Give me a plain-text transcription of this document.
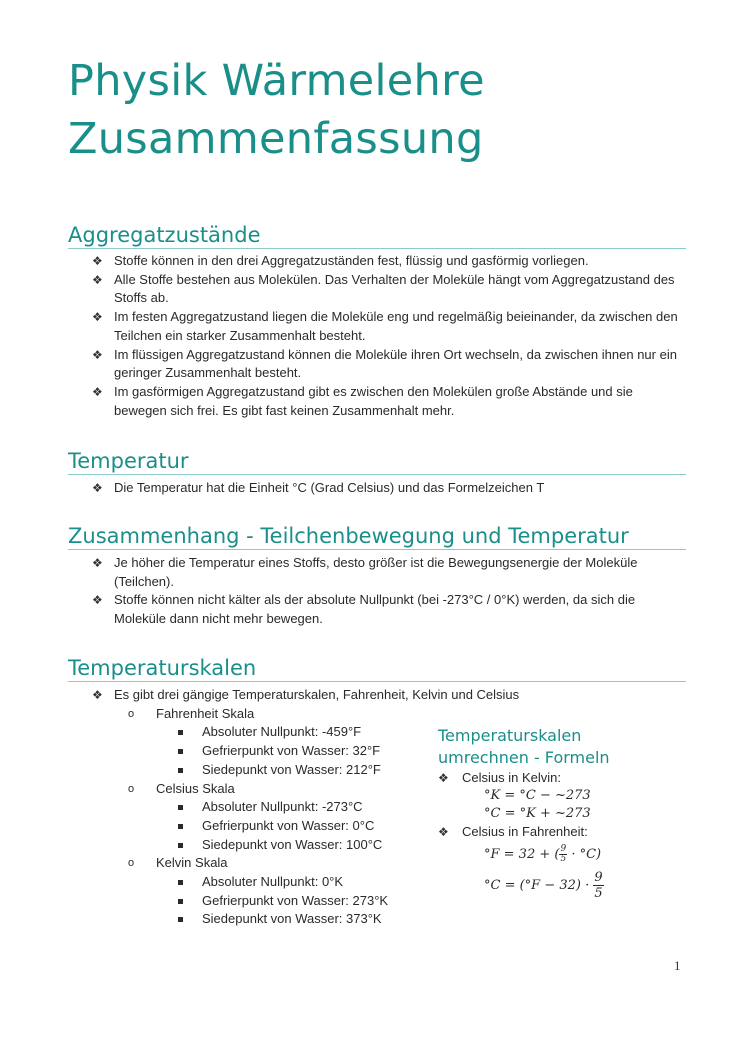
Physik Wärmelehre
Zusammenfassung
Aggregatzustände
❖ Stoffe können in den drei Aggregatzuständen fest, flüssig und gasförmig vorliegen.
❖ Alle Stoffe bestehen aus Molekülen. Das Verhalten der Moleküle hängt vom Aggregatzustand des Stoffs ab.
❖ Im festen Aggregatzustand liegen die Moleküle eng und regelmäßig beieinander, da zwischen den Teilchen ein starker Zusammenhalt besteht.
❖ Im flüssigen Aggregatzustand können die Moleküle ihren Ort wechseln, da zwischen ihnen nur ein geringer Zusammenhalt besteht.
❖ Im gasförmigen Aggregatzustand gibt es zwischen den Molekülen große Abstände und sie bewegen sich frei. Es gibt fast keinen Zusammenhalt mehr.
Temperatur
❖ Die Temperatur hat die Einheit °C (Grad Celsius) und das Formelzeichen T
Zusammenhang - Teilchenbewegung und Temperatur
❖ Je höher die Temperatur eines Stoffs, desto größer ist die Bewegungsenergie der Moleküle (Teilchen).
❖ Stoffe können nicht kälter als der absolute Nullpunkt (bei -273°C / 0°K) werden, da sich die Moleküle dann nicht mehr bewegen.
Temperaturskalen
❖ Es gibt drei gängige Temperaturskalen, Fahrenheit, Kelvin und Celsius
o Fahrenheit Skala
Absoluter Nullpunkt: -459°F
Gefrierpunkt von Wasser: 32°F
Siedepunkt von Wasser: 212°F
o Celsius Skala
Absoluter Nullpunkt: -273°C
Gefrierpunkt von Wasser: 0°C
Siedepunkt von Wasser: 100°C
o Kelvin Skala
Absoluter Nullpunkt: 0°K
Gefrierpunkt von Wasser: 273°K
Siedepunkt von Wasser: 373°K

Temperaturskalen
umrechnen - Formeln

❖ Celsius in Kelvin:
°K = °C − ~273
°C = °K + ~273
❖ Celsius in Fahrenheit:
°F = 32 + ( $\frac{9}{5} \cdot ^\circ C$)
$^\circ C = (^\circ F - 32) \cdot \frac{9}{5}$
1
